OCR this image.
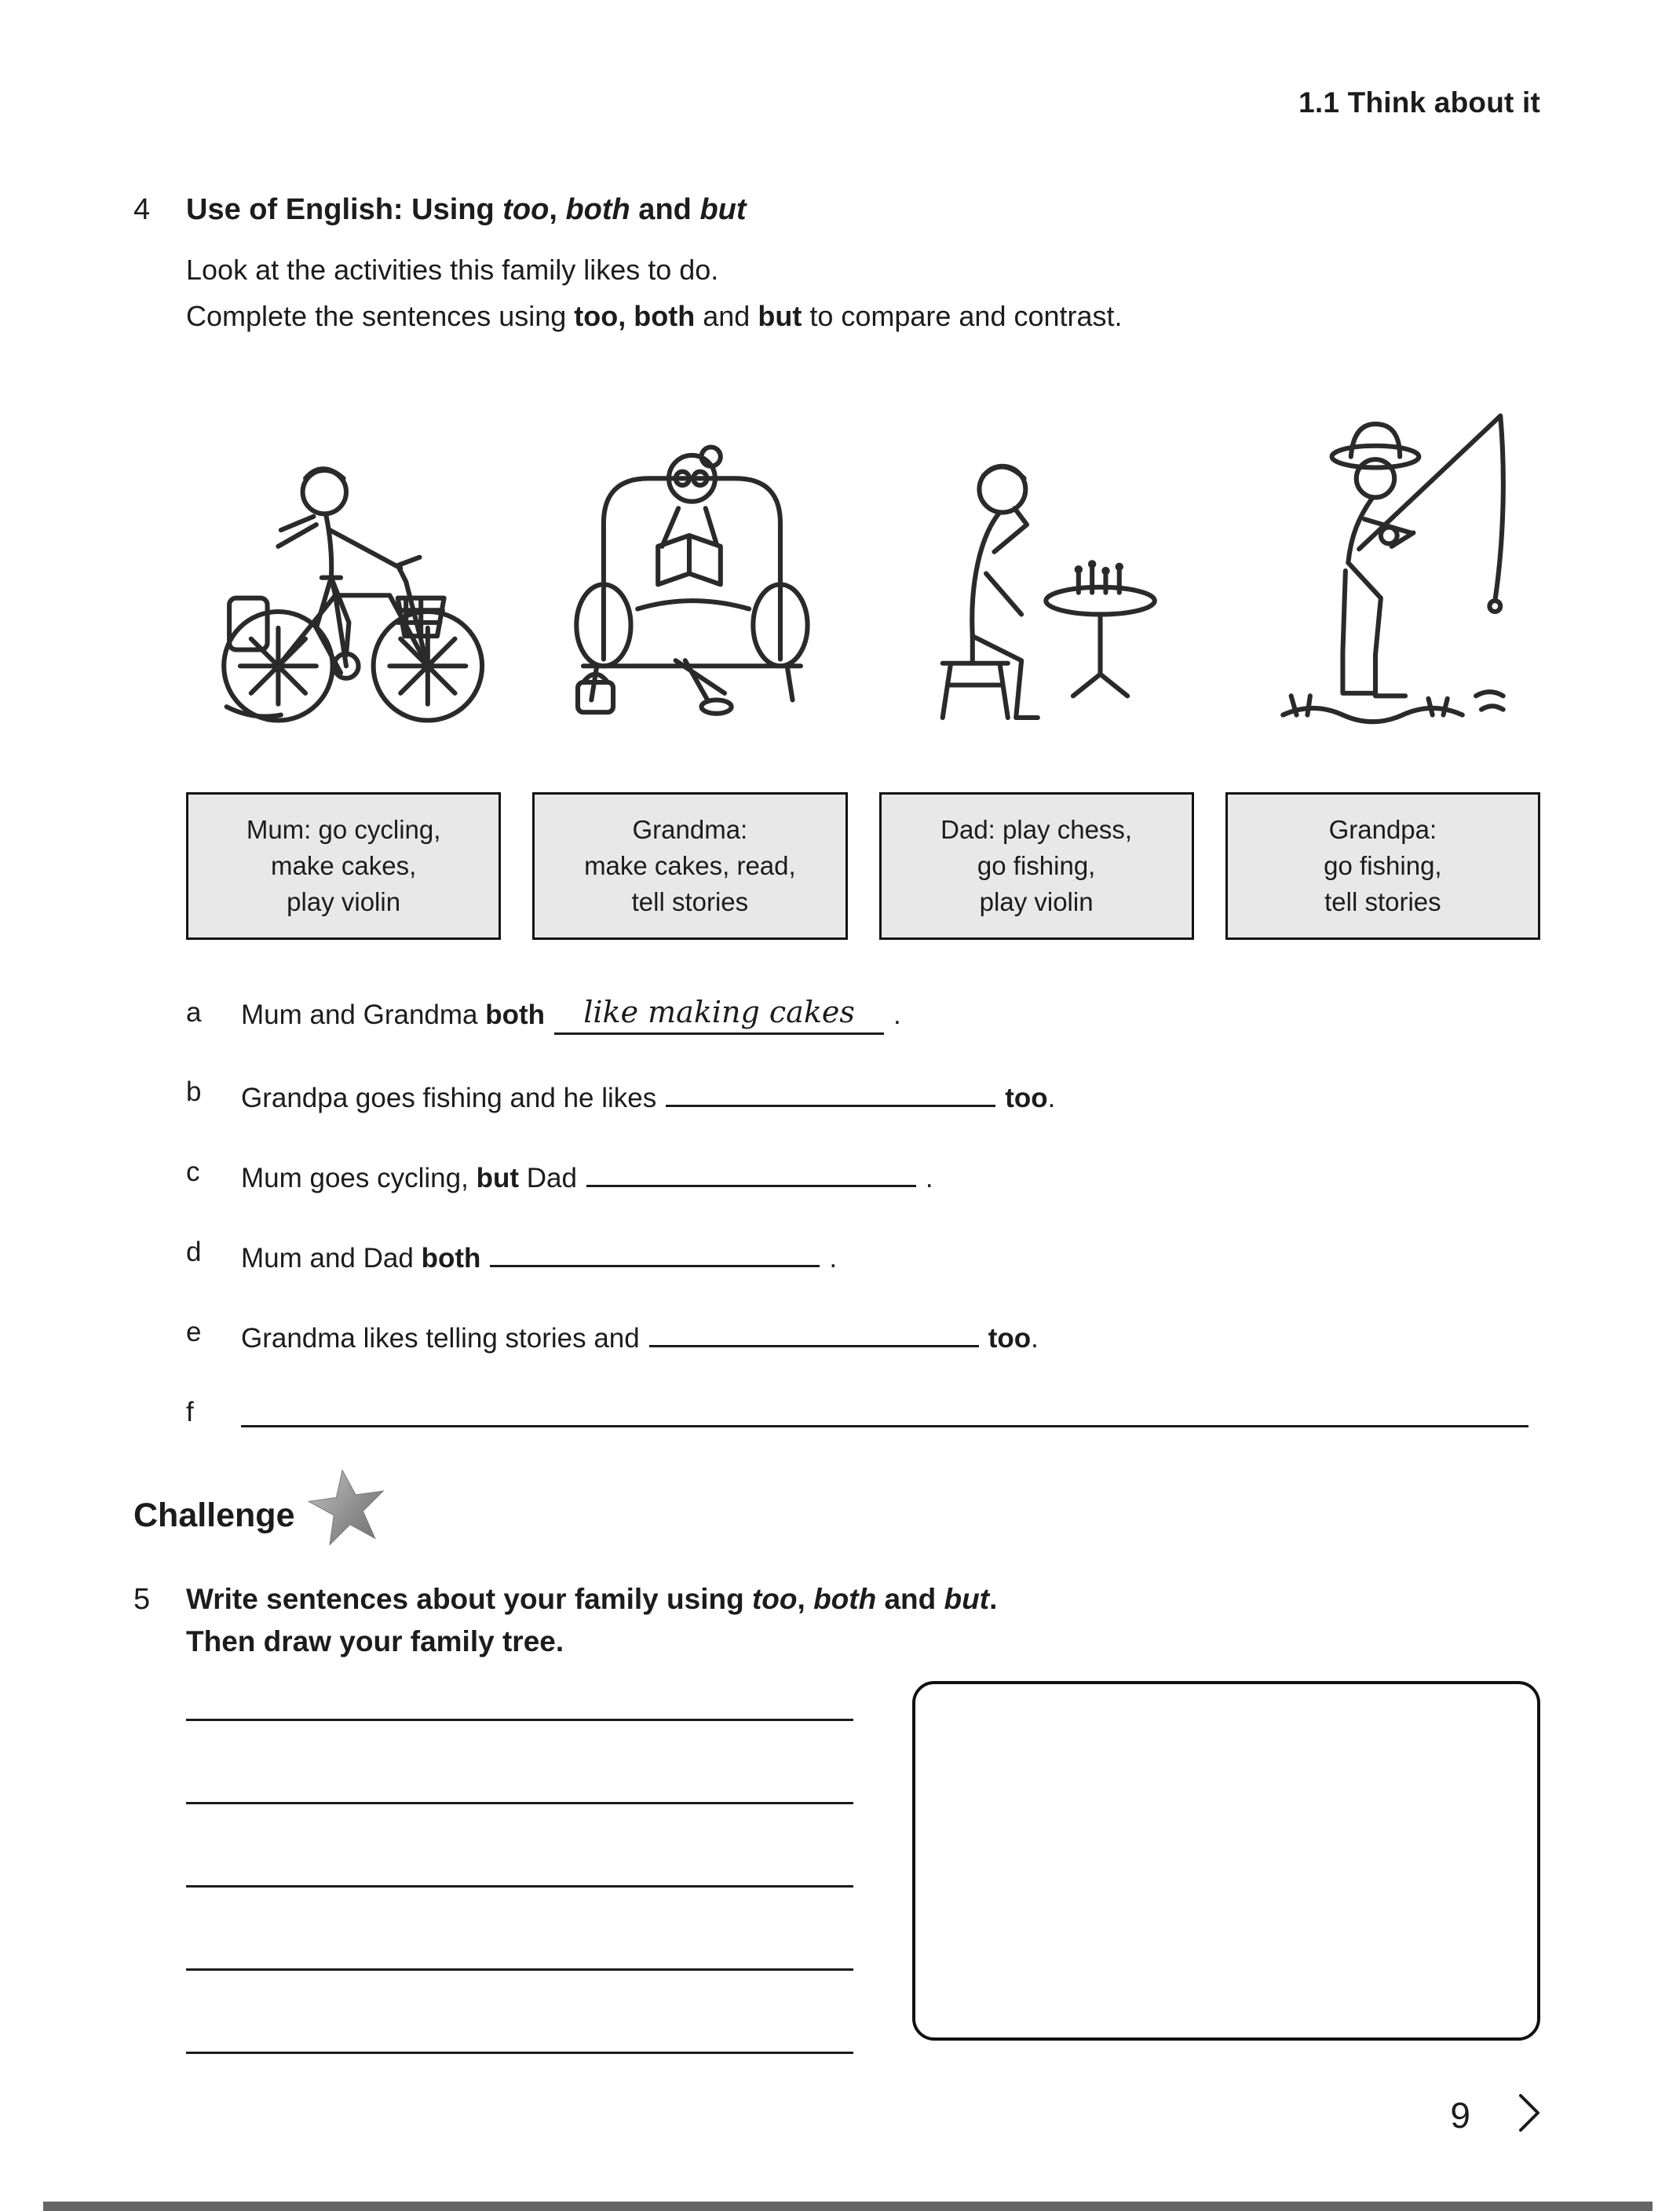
1.1 Think about it
4	Use of English: Using too, both and but

Look at the activities this family likes to do.

Complete the sentences using too, both and but to compare and contrast.

Mum: go cycling,
make cakes,
play violin
Grandma:
make cakes, read,
tell stories
Dad: play chess,
go fishing,
play violin
Grandpa:
go fishing,
tell stories
a Mum and Grandma both like making cakes .
b Grandpa goes fishing and he likes	too.
c Mum goes cycling, but Dad	.
d Mum and Dad both	.
e Grandma likes telling stories and	too.
f
Challenge
5	Write sentences about your family using too, both and but.

Then draw your family tree.

9
